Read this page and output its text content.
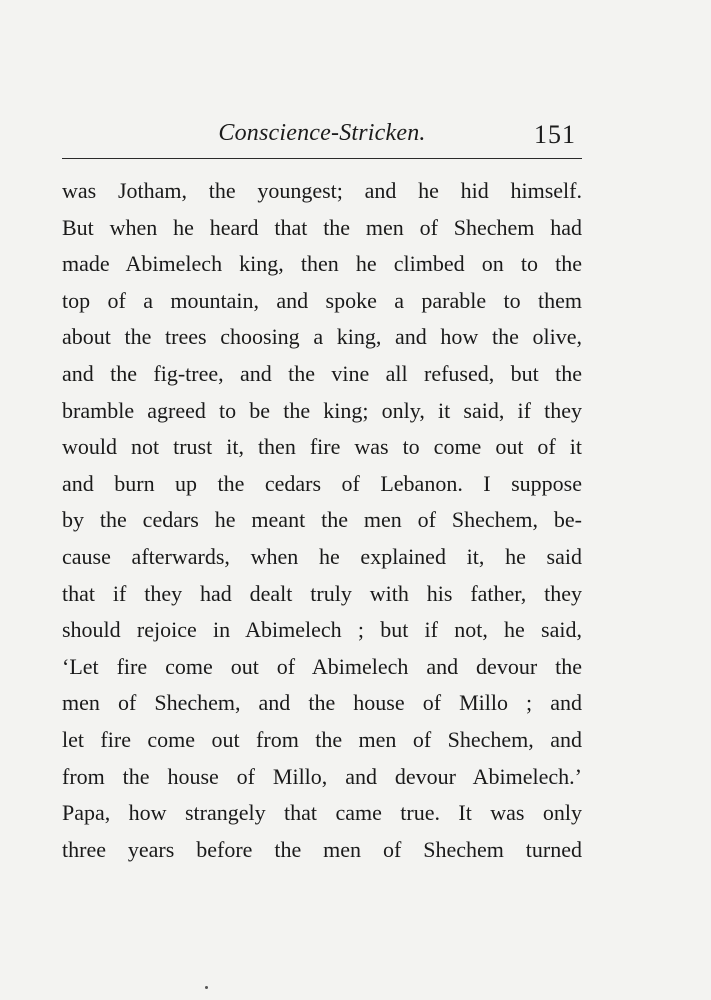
Conscience-Stricken.	151
was Jotham, the youngest; and he hid himself.
But when he heard that the men of Shechem had
made Abimelech king, then he climbed on to the
top of a mountain, and spoke a parable to them
about the trees choosing a king, and how the olive,
and the fig-tree, and the vine all refused, but the
bramble agreed to be the king; only, it said, if they
would not trust it, then fire was to come out of it
and burn up the cedars of Lebanon. I suppose
by the cedars he meant the men of Shechem, be-
cause afterwards, when he explained it, he said
that if they had dealt truly with his father, they
should rejoice in Abimelech ; but if not, he said,
‘Let fire come out of Abimelech and devour the
men of Shechem, and the house of Millo ; and
let fire come out from the men of Shechem, and
from the house of Millo, and devour Abimelech.’
Papa, how strangely that came true. It was only
three years before the men of Shechem turned
